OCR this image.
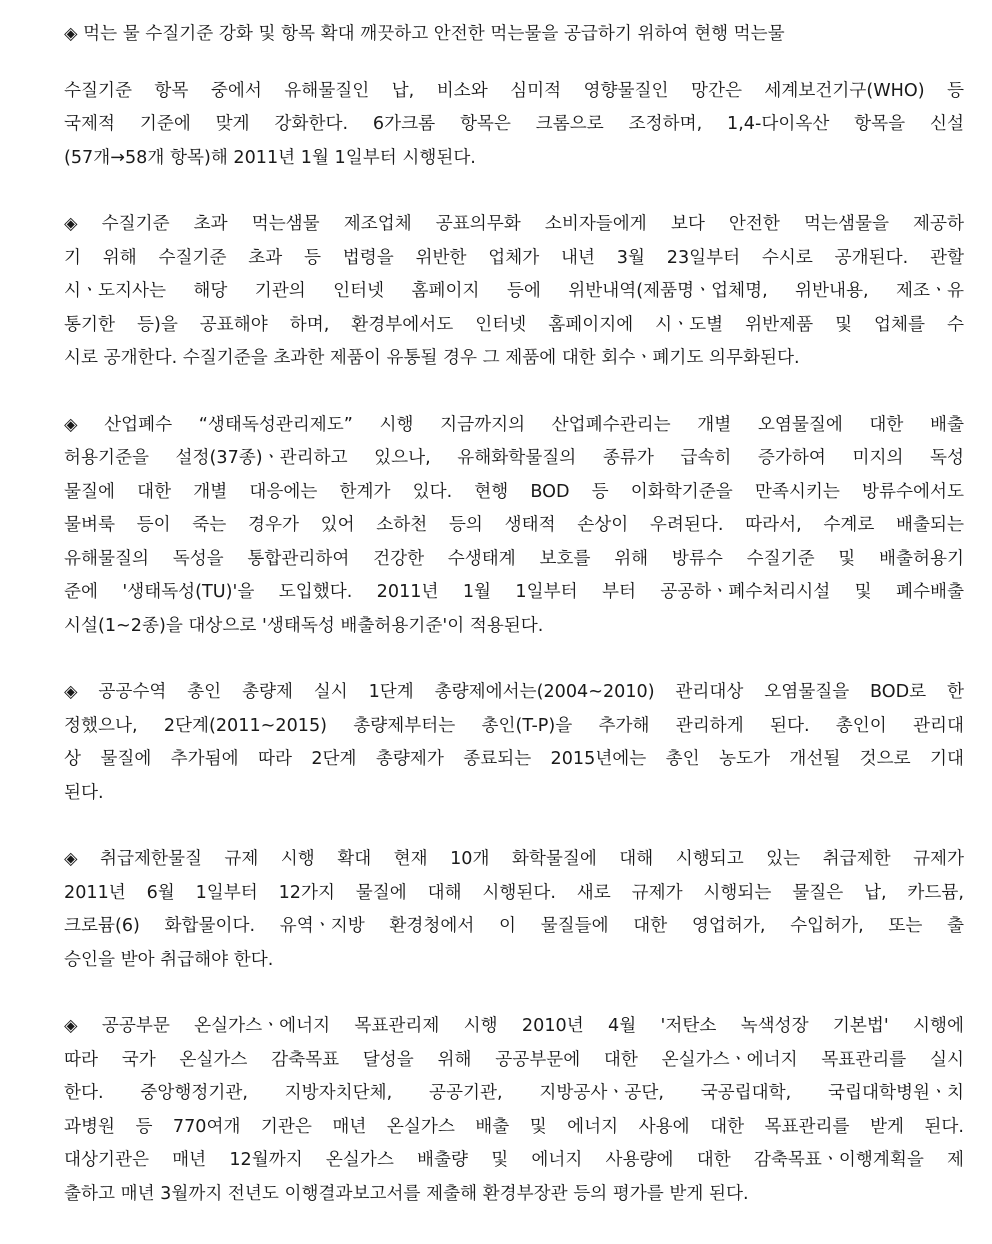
◈ 먹는 물 수질기준 강화 및 항목 확대 깨끗하고 안전한 먹는물을 공급하기 위하여 현행 먹는물
수질기준 항목 중에서 유해물질인 납, 비소와 심미적 영향물질인 망간은 세계보건기구(WHO) 등
국제적 기준에 맞게 강화한다. 6가크롬 항목은 크롬으로 조정하며, 1,4-다이옥산 항목을 신설
(57개→58개 항목)해 2011년 1월 1일부터 시행된다.
◈ 수질기준 초과 먹는샘물 제조업체 공표의무화 소비자들에게 보다 안전한 먹는샘물을 제공하
기 위해 수질기준 초과 등 법령을 위반한 업체가 내년 3월 23일부터 수시로 공개된다. 관할
시ㆍ도지사는 해당 기관의 인터넷 홈페이지 등에 위반내역(제품명ㆍ업체명, 위반내용, 제조ㆍ유
통기한 등)을 공표해야 하며, 환경부에서도 인터넷 홈페이지에 시ㆍ도별 위반제품 및 업체를 수
시로 공개한다. 수질기준을 초과한 제품이 유통될 경우 그 제품에 대한 회수ㆍ폐기도 의무화된다.
◈ 산업폐수 “생태독성관리제도” 시행 지금까지의 산업폐수관리는 개별 오염물질에 대한 배출
허용기준을 설정(37종)ㆍ관리하고 있으나, 유해화학물질의 종류가 급속히 증가하여 미지의 독성
물질에 대한 개별 대응에는 한계가 있다. 현행 BOD 등 이화학기준을 만족시키는 방류수에서도
물벼룩 등이 죽는 경우가 있어 소하천 등의 생태적 손상이 우려된다. 따라서, 수계로 배출되는
유해물질의 독성을 통합관리하여 건강한 수생태계 보호를 위해 방류수 수질기준 및 배출허용기
준에 '생태독성(TU)'을 도입했다. 2011년 1월 1일부터 부터 공공하ㆍ폐수처리시설 및 폐수배출
시설(1~2종)을 대상으로 '생태독성 배출허용기준'이 적용된다.
◈ 공공수역 총인 총량제 실시 1단계 총량제에서는(2004~2010) 관리대상 오염물질을 BOD로 한
정했으나, 2단계(2011~2015) 총량제부터는 총인(T-P)을 추가해 관리하게 된다. 총인이 관리대
상 물질에 추가됨에 따라 2단계 총량제가 종료되는 2015년에는 총인 농도가 개선될 것으로 기대
된다.
◈ 취급제한물질 규제 시행 확대 현재 10개 화학물질에 대해 시행되고 있는 취급제한 규제가
2011년 6월 1일부터 12가지 물질에 대해 시행된다. 새로 규제가 시행되는 물질은 납, 카드뮴,
크로뮴(6) 화합물이다. 유역ㆍ지방 환경청에서 이 물질들에 대한 영업허가, 수입허가, 또는 출
승인을 받아 취급해야 한다.
◈ 공공부문 온실가스ㆍ에너지 목표관리제 시행 2010년 4월 '저탄소 녹색성장 기본법' 시행에
따라 국가 온실가스 감축목표 달성을 위해 공공부문에 대한 온실가스ㆍ에너지 목표관리를 실시
한다. 중앙행정기관, 지방자치단체, 공공기관, 지방공사ㆍ공단, 국공립대학, 국립대학병원ㆍ치
과병원 등 770여개 기관은 매년 온실가스 배출 및 에너지 사용에 대한 목표관리를 받게 된다.
대상기관은 매년 12월까지 온실가스 배출량 및 에너지 사용량에 대한 감축목표ㆍ이행계획을 제
출하고 매년 3월까지 전년도 이행결과보고서를 제출해 환경부장관 등의 평가를 받게 된다.
